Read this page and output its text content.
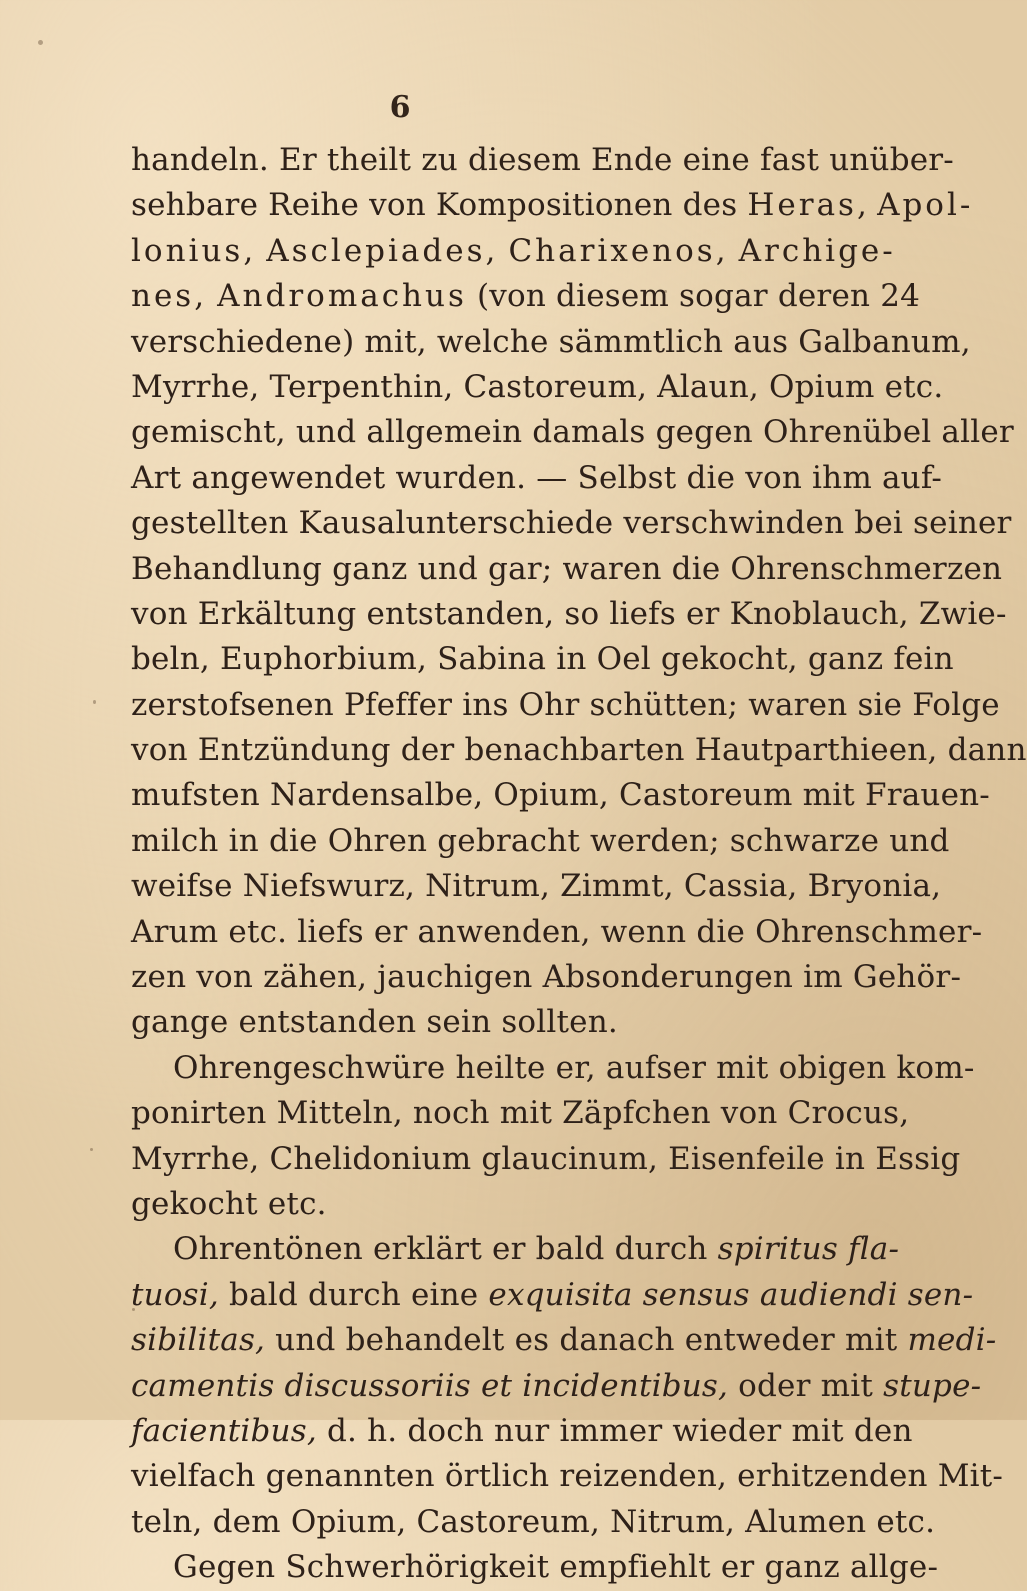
6
handeln. Er theilt zu diesem Ende eine fast unüber-
sehbare Reihe von Kompositionen des Heras, Apol-
lonius, Asclepiades, Charixenos, Archige-
nes, Andromachus (von diesem sogar deren 24
verschiedene) mit, welche sämmtlich aus Galbanum,
Myrrhe, Terpenthin, Castoreum, Alaun, Opium etc.
gemischt, und allgemein damals gegen Ohrenübel aller
Art angewendet wurden. — Selbst die von ihm auf-
gestellten Kausalunterschiede verschwinden bei seiner
Behandlung ganz und gar; waren die Ohrenschmerzen
von Erkältung entstanden, so liefs er Knoblauch, Zwie-
beln, Euphorbium, Sabina in Oel gekocht, ganz fein
zerstofsenen Pfeffer ins Ohr schütten; waren sie Folge
von Entzündung der benachbarten Hautparthieen, dann
mufsten Nardensalbe, Opium, Castoreum mit Frauen-
milch in die Ohren gebracht werden; schwarze und
weifse Niefswurz, Nitrum, Zimmt, Cassia, Bryonia,
Arum etc. liefs er anwenden, wenn die Ohrenschmer-
zen von zähen, jauchigen Absonderungen im Gehör-
gange entstanden sein sollten.
Ohrengeschwüre heilte er, aufser mit obigen kom-
ponirten Mitteln, noch mit Zäpfchen von Crocus,
Myrrhe, Chelidonium glaucinum, Eisenfeile in Essig
gekocht etc.
Ohrentönen erklärt er bald durch spiritus fla-
tuosi, bald durch eine exquisita sensus audiendi sen-
sibilitas, und behandelt es danach entweder mit medi-
camentis discussoriis et incidentibus, oder mit stupe-
facientibus, d. h. doch nur immer wieder mit den
vielfach genannten örtlich reizenden, erhitzenden Mit-
teln, dem Opium, Castoreum, Nitrum, Alumen etc.
Gegen Schwerhörigkeit empfiehlt er ganz allge-
